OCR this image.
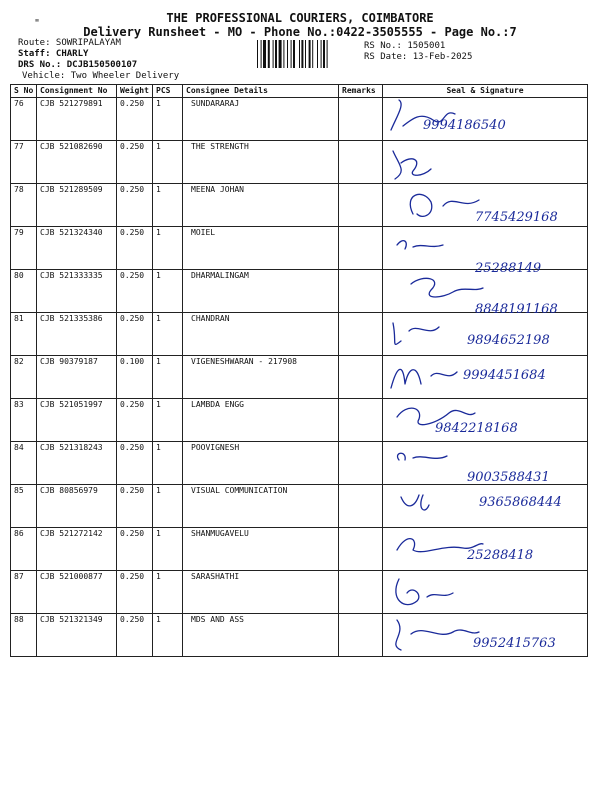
"	THE PROFESSIONAL COURIERS, COIMBATORE
Delivery Runsheet - MO - Phone No.:0422-3505555 - Page No.:7
Route: SOWRIPALAYAM
Staff: CHARLY
DRS No.: DCJB150500107
Vehicle: Two Wheeler Delivery
RS No.: 1505001
RS Date: 13-Feb-2025
S No	Consignment No	Weight	PCS	Consignee Details	Remarks	Seal & Signature
76	CJB 521279891	0.250	1	SUNDARARAJ		9994186540

77	CJB 521082690	0.250	1	THE STRENGTH		

78	CJB 521289509	0.250	1	MEENA JOHAN		7745429168

79	CJB 521324340	0.250	1	MOIEL		25288149

80	CJB 521333335	0.250	1	DHARMALINGAM		8848191168

81	CJB 521335386	0.250	1	CHANDRAN		9894652198

82	CJB 90379187	0.100	1	VIGENESHWARAN - 217908		9994451684

83	CJB 521051997	0.250	1	LAMBDA ENGG		9842218168

84	CJB 521318243	0.250	1	POOVIGNESH		9003588431

85	CJB 80856979	0.250	1	VISUAL COMMUNICATION		9365868444

86	CJB 521272142	0.250	1	SHANMUGAVELU		25288418

87	CJB 521000877	0.250	1	SARASHATHI		

88	CJB 521321349	0.250	1	MDS AND ASS		9952415763
